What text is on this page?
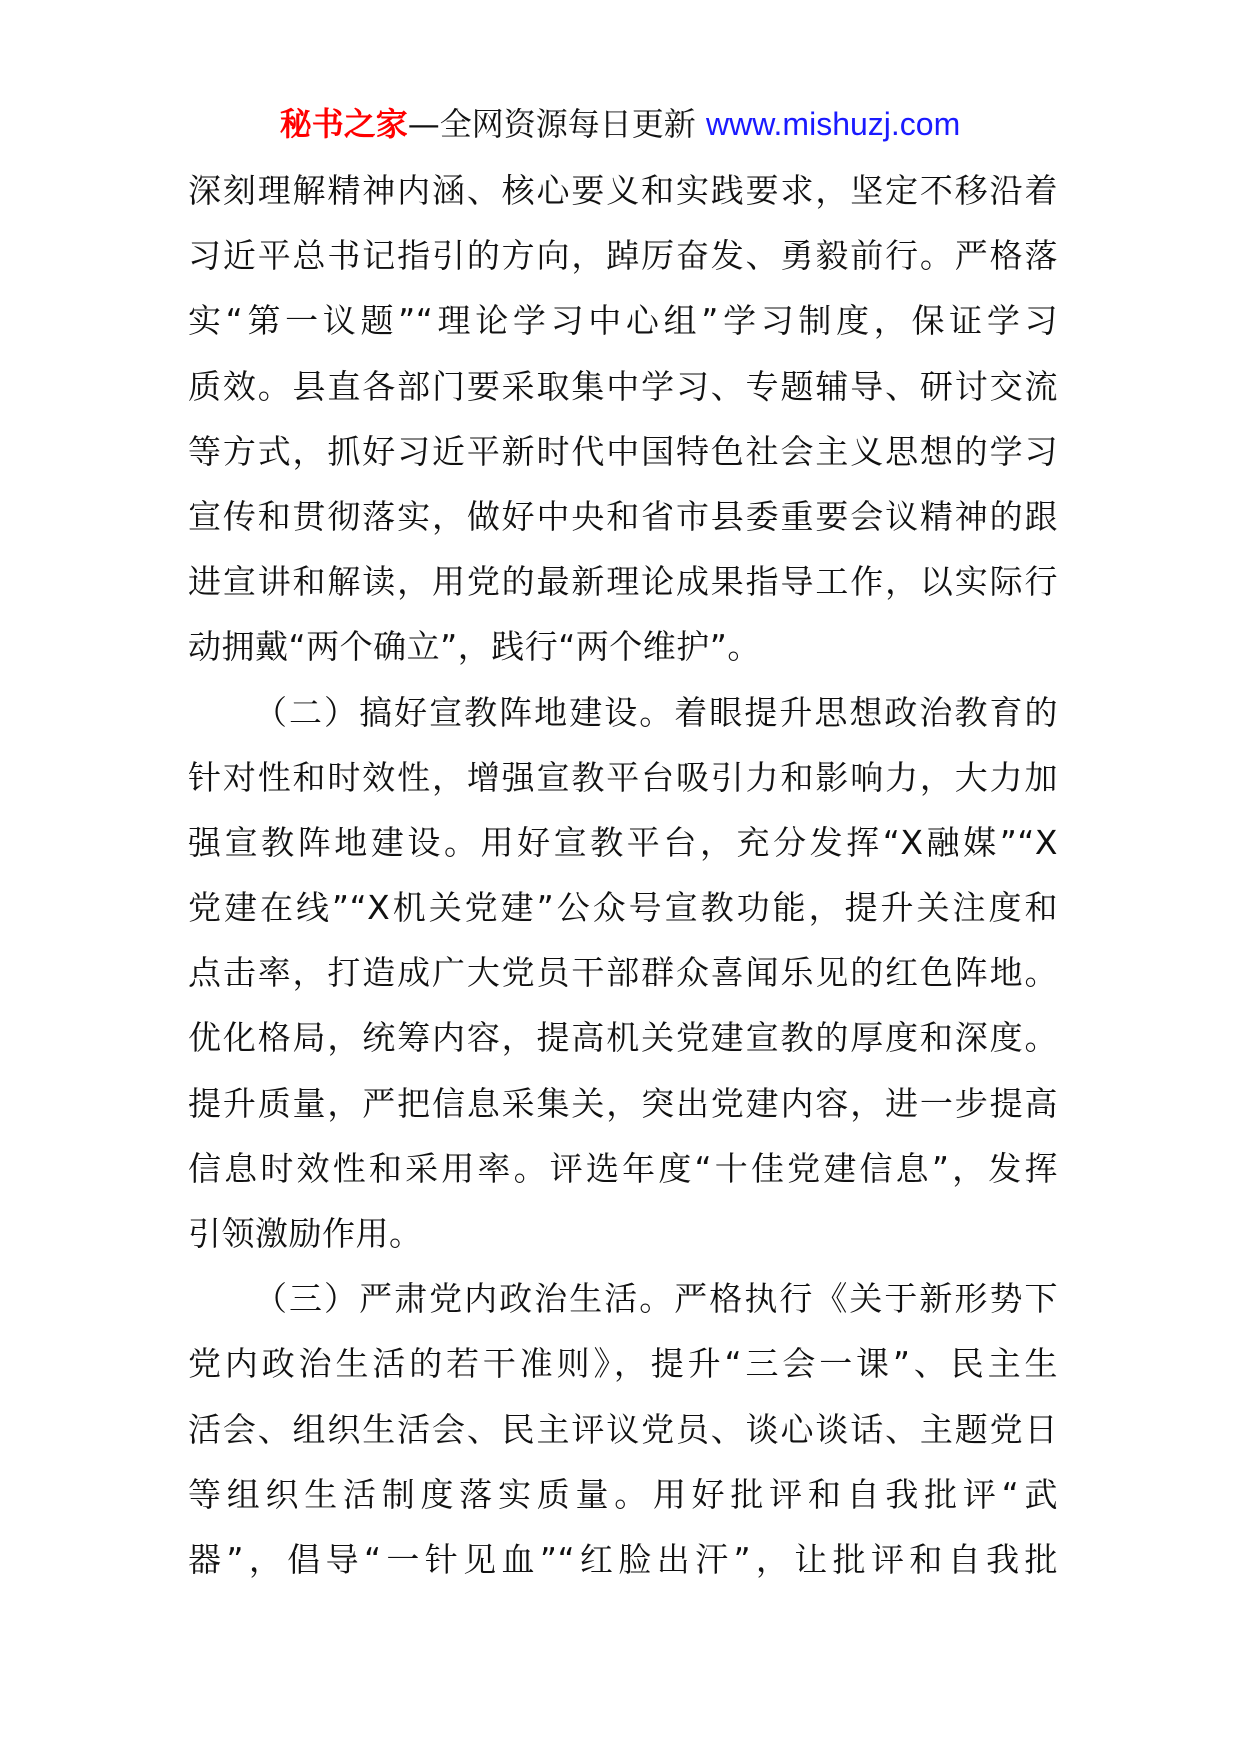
秘书之家—全网资源每日更新 www.mishuzj.com
深刻理解精神内涵、核心要义和实践要求，坚定不移沿着
习近平总书记指引的方向，踔厉奋发、勇毅前行。严格落
实“第一议题”“理论学习中心组”学习制度，保证学习
质效。县直各部门要采取集中学习、专题辅导、研讨交流
等方式，抓好习近平新时代中国特色社会主义思想的学习
宣传和贯彻落实，做好中央和省市县委重要会议精神的跟
进宣讲和解读，用党的最新理论成果指导工作，以实际行
动拥戴“两个确立”，践行“两个维护”。
（二）搞好宣教阵地建设。着眼提升思想政治教育的
针对性和时效性，增强宣教平台吸引力和影响力，大力加
强宣教阵地建设。用好宣教平台，充分发挥“X融媒”“X
党建在线”“X机关党建”公众号宣教功能，提升关注度和
点击率，打造成广大党员干部群众喜闻乐见的红色阵地。
优化格局，统筹内容，提高机关党建宣教的厚度和深度。
提升质量，严把信息采集关，突出党建内容，进一步提高
信息时效性和采用率。评选年度“十佳党建信息”，发挥
引领激励作用。
（三）严肃党内政治生活。严格执行《关于新形势下
党内政治生活的若干准则》，提升“三会一课”、民主生
活会、组织生活会、民主评议党员、谈心谈话、主题党日
等组织生活制度落实质量。用好批评和自我批评“武
器”，倡导“一针见血”“红脸出汗”，让批评和自我批
